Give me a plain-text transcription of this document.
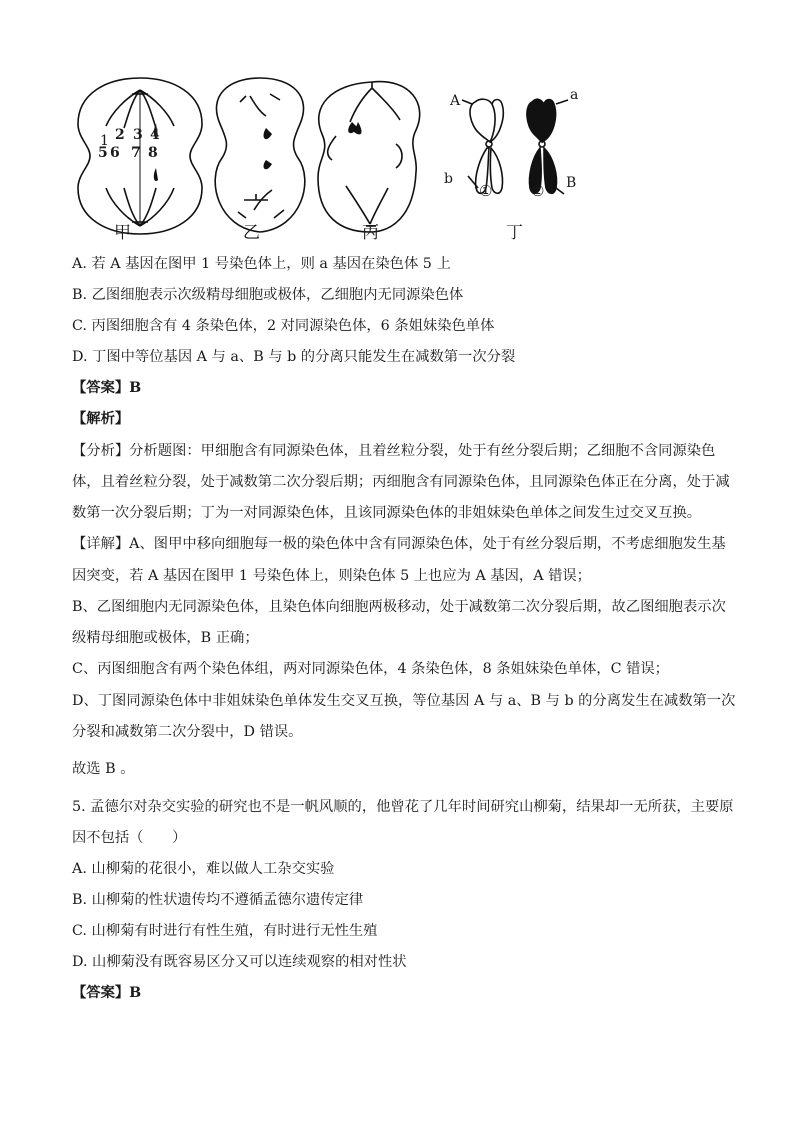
甲	乙	丙	丁
1 2 3 4
5 6 7 8
A	a
b	B
①	②
A. 若 A 基因在图甲 1 号染色体上，则 a 基因在染色体 5 上
B. 乙图细胞表示次级精母细胞或极体，乙细胞内无同源染色体
C. 丙图细胞含有 4 条染色体，2 对同源染色体，6 条姐妹染色单体
D. 丁图中等位基因 A 与 a、B 与 b 的分离只能发生在减数第一次分裂
【答案】B
【解析】
【分析】分析题图：甲细胞含有同源染色体，且着丝粒分裂，处于有丝分裂后期；乙细胞不含同源染色
体，且着丝粒分裂，处于减数第二次分裂后期；丙细胞含有同源染色体，且同源染色体正在分离，处于减
数第一次分裂后期；丁为一对同源染色体，且该同源染色体的非姐妹染色单体之间发生过交叉互换。
【详解】A、图甲中移向细胞每一极的染色体中含有同源染色体，处于有丝分裂后期，不考虑细胞发生基
因突变，若 A 基因在图甲 1 号染色体上，则染色体 5 上也应为 A 基因，A 错误；
B、乙图细胞内无同源染色体，且染色体向细胞两极移动，处于减数第二次分裂后期，故乙图细胞表示次
级精母细胞或极体，B 正确；
C、丙图细胞含有两个染色体组，两对同源染色体，4 条染色体，8 条姐妹染色单体，C 错误；
D、丁图同源染色体中非姐妹染色单体发生交叉互换，等位基因 A 与 a、B 与 b 的分离发生在减数第一次
分裂和减数第二次分裂中，D 错误。
故选 B 。
5. 孟德尔对杂交实验的研究也不是一帆风顺的，他曾花了几年时间研究山柳菊，结果却一无所获，主要原
因不包括（　　）
A. 山柳菊的花很小，难以做人工杂交实验
B. 山柳菊的性状遗传均不遵循孟德尔遗传定律
C. 山柳菊有时进行有性生殖，有时进行无性生殖
D. 山柳菊没有既容易区分又可以连续观察的相对性状
【答案】B
